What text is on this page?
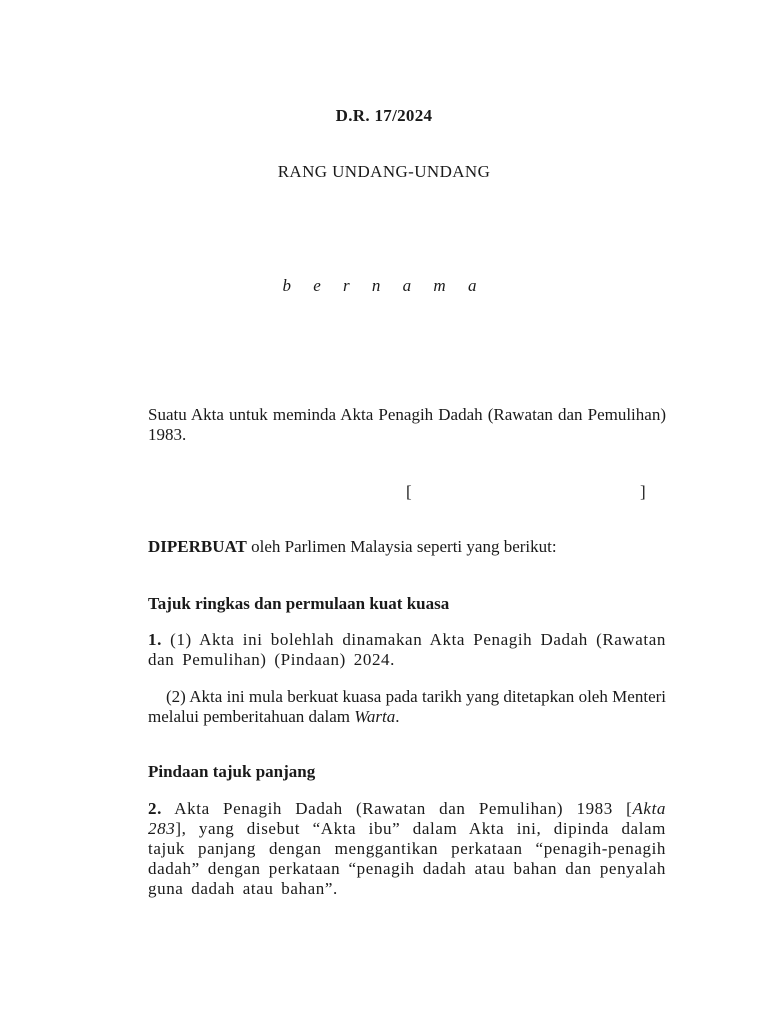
D.R. 17/2024
RANG UNDANG-UNDANG
b e r n a m a

Suatu Akta untuk meminda Akta Penagih Dadah (Rawatan dan Pemulihan) 1983.

[	]

DIPERBUAT oleh Parlimen Malaysia seperti yang berikut:

Tajuk ringkas dan permulaan kuat kuasa

1. (1) Akta ini bolehlah dinamakan Akta Penagih Dadah (Rawatan dan Pemulihan) (Pindaan) 2024.

(2) Akta ini mula berkuat kuasa pada tarikh yang ditetapkan oleh Menteri melalui pemberitahuan dalam Warta.

Pindaan tajuk panjang

2. Akta Penagih Dadah (Rawatan dan Pemulihan) 1983 [Akta 283], yang disebut “Akta ibu” dalam Akta ini, dipinda dalam tajuk panjang dengan menggantikan perkataan “penagih-penagih dadah” dengan perkataan “penagih dadah atau bahan dan penyalah guna dadah atau bahan”.
